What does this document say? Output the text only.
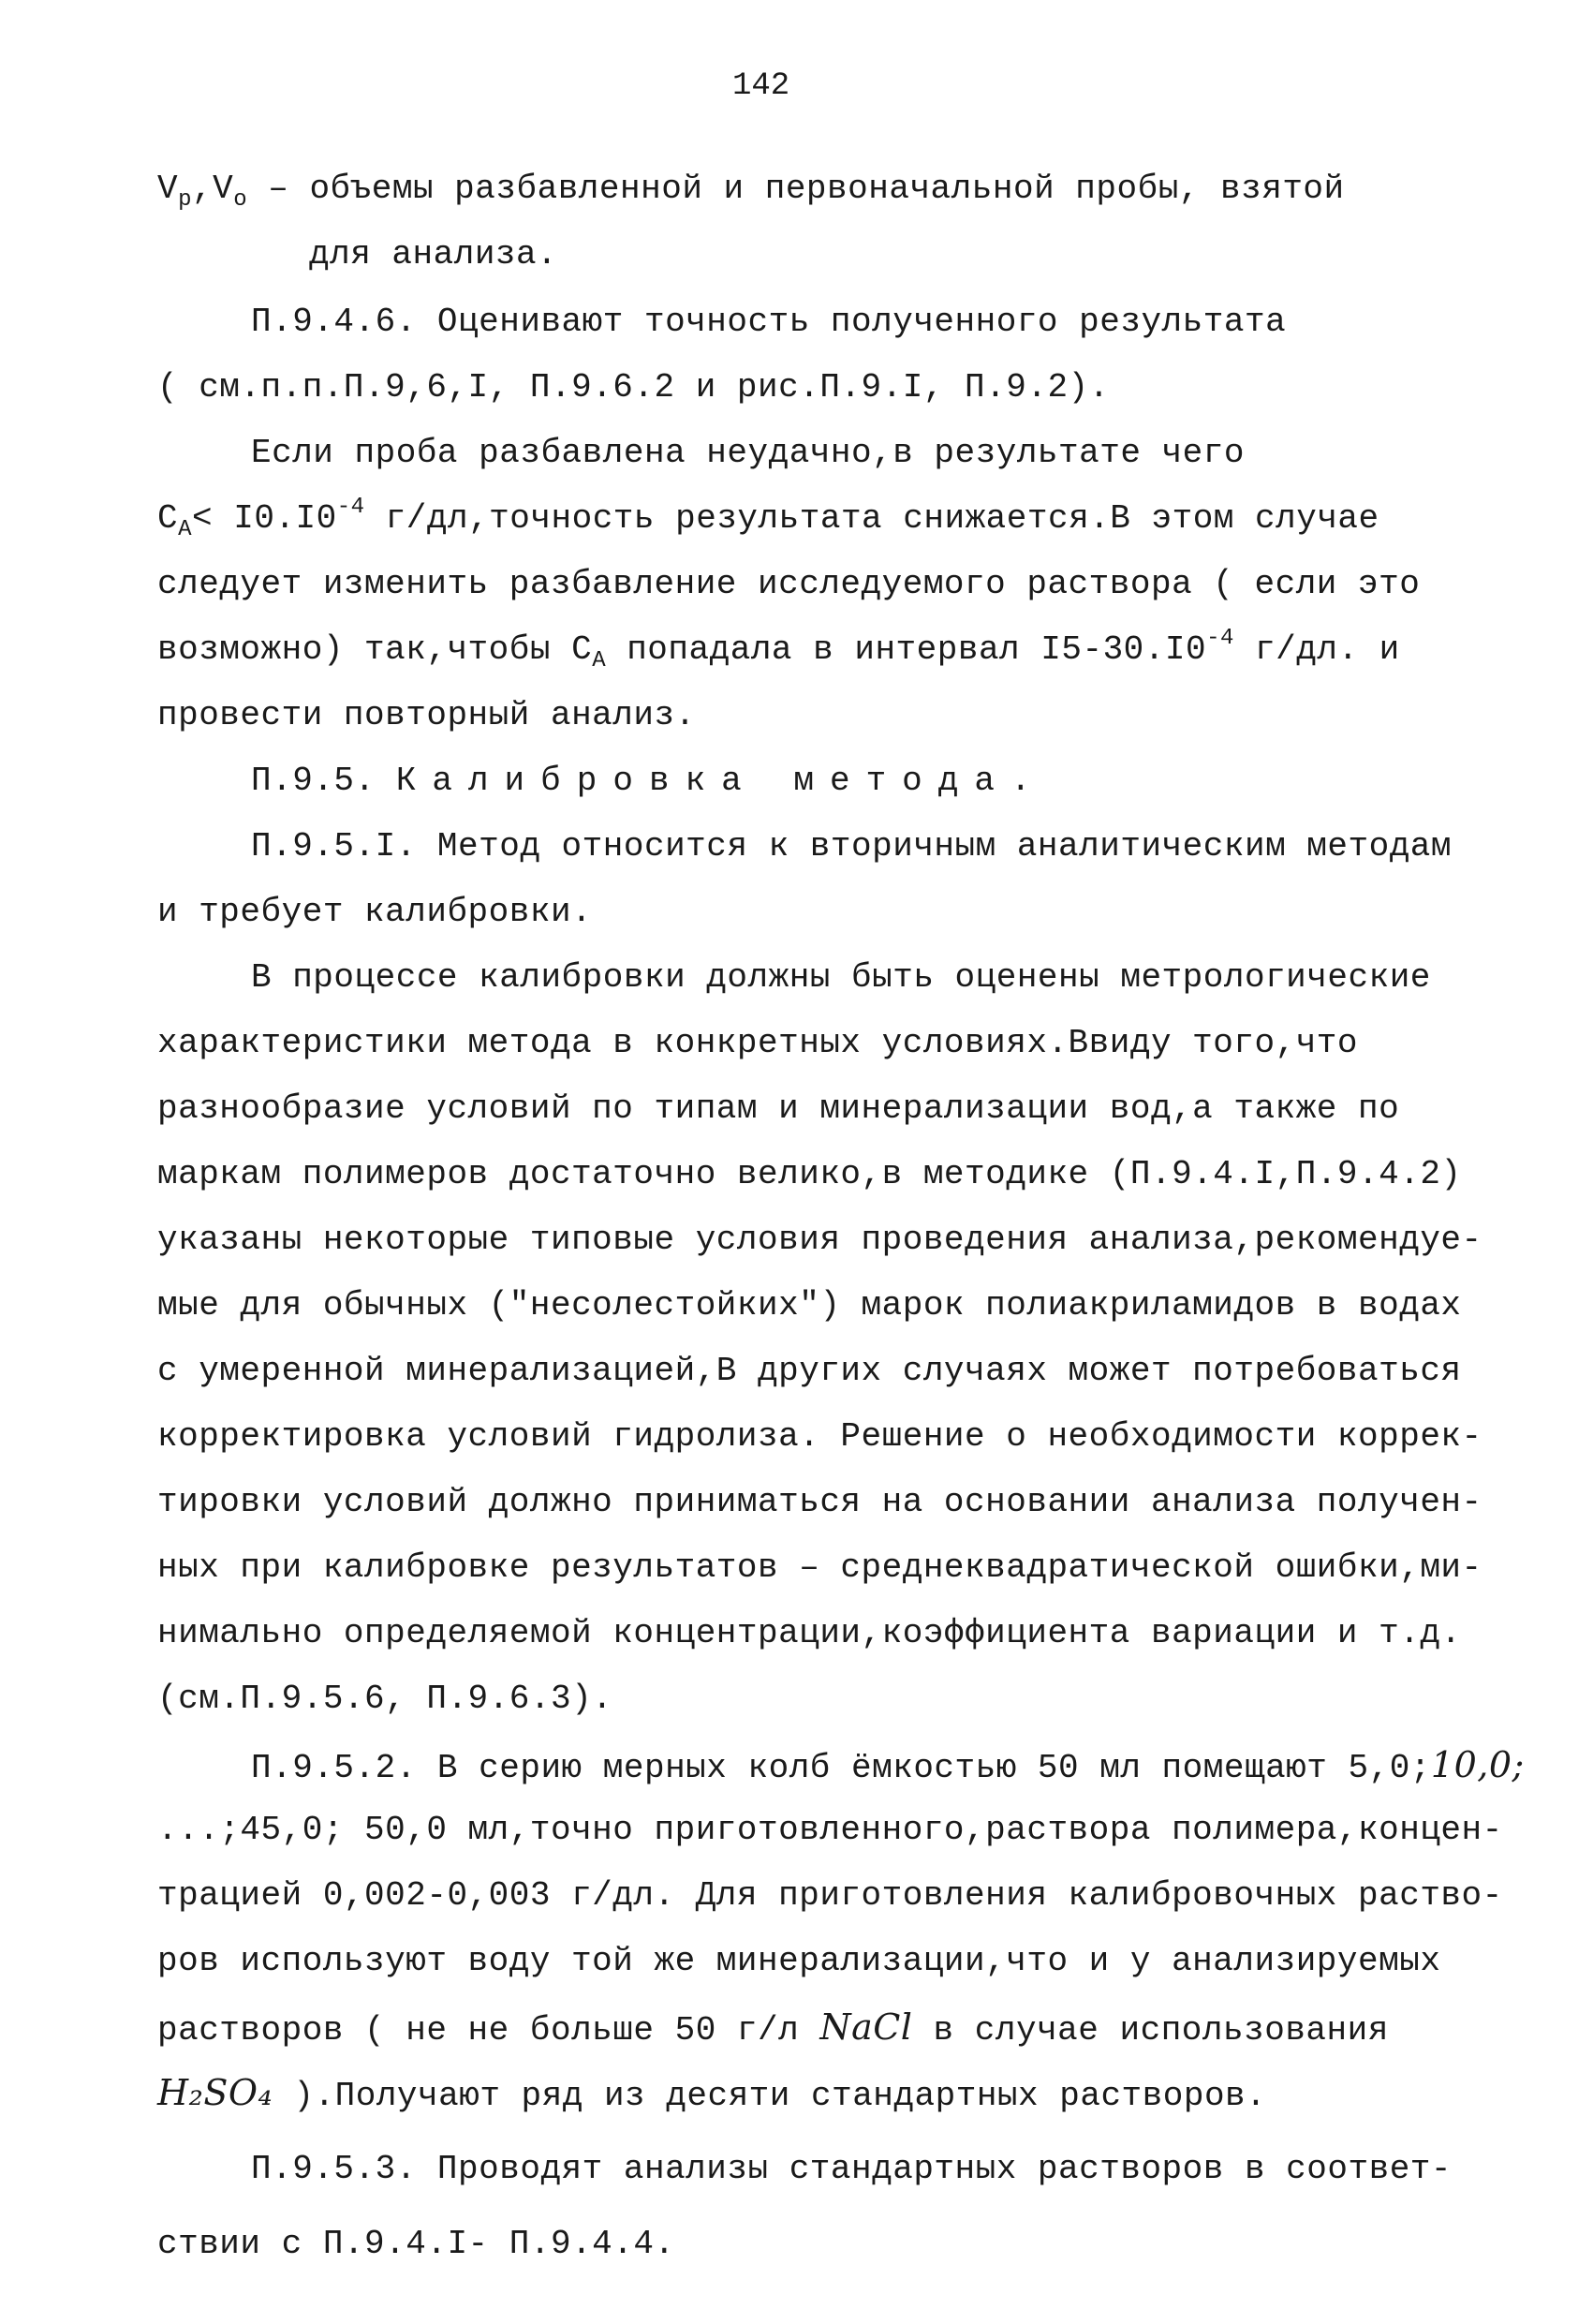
142
$V_p,V_o$ – объемы разбавленной и первоначальной пробы, взятой
для анализа.
П.9.4.6. Оценивают точность полученного результата
( см.п.п.П.9,6,I, П.9.6.2 и рис.П.9.I, П.9.2).
Если проба разбавлена неудачно,в результате чего
$C_A< I0.I0^{-4}$ г/дл,точность результата снижается.В этом случае
следует изменить разбавление исследуемого раствора ( если это
возможно) так,чтобы $C_A$ попадала в интервал $I5-30.I0^{-4}$ г/дл. и
провести повторный анализ.
П.9.5. Калибровка метода.
П.9.5.I. Метод относится к вторичным аналитическим методам
и требует калибровки.
В процессе калибровки должны быть оценены метрологические
характеристики метода в конкретных условиях.Ввиду того,что
разнообразие условий по типам и минерализации вод,а также по
маркам полимеров достаточно велико,в методике (П.9.4.I,П.9.4.2)
указаны некоторые типовые условия проведения анализа,рекомендуе-
мые для обычных ("несолестойких") марок полиакриламидов в водах
с умеренной минерализацией,В других случаях может потребоваться
корректировка условий гидролиза. Решение о необходимости коррек-
тировки условий должно приниматься на основании анализа получен-
ных при калибровке результатов – среднеквадратической ошибки,ми-
нимально определяемой концентрации,коэффициента вариации и т.д.
(см.П.9.5.6, П.9.6.3).
П.9.5.2. В серию мерных колб ёмкостью 50 мл помещают 5,0;10,0;
...;45,0; 50,0 мл,точно приготовленного,раствора полимера,концен-
трацией 0,002-0,003 г/дл. Для приготовления калибровочных раство-
ров используют воду той же минерализации,что и у анализируемых
растворов ( не не больше 50 г/л NaCl в случае использования
H₂SO₄ ).Получают ряд из десяти стандартных растворов.
П.9.5.3. Проводят анализы стандартных растворов в соответ-
ствии с П.9.4.I- П.9.4.4.
